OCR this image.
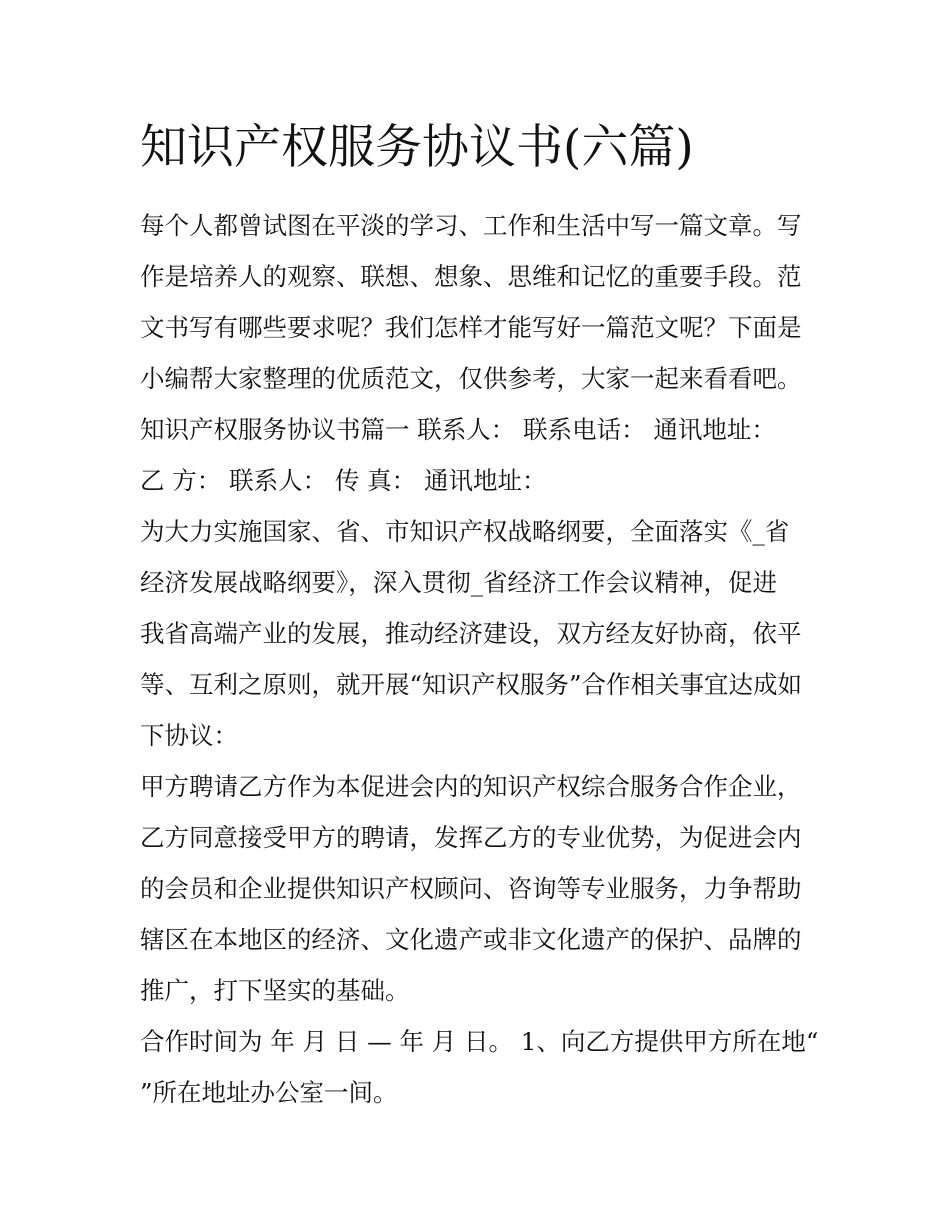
知识产权服务协议书(六篇)
每个人都曾试图在平淡的学习、工作和生活中写一篇文章。写
作是培养人的观察、联想、想象、思维和记忆的重要手段。范
文书写有哪些要求呢？我们怎样才能写好一篇范文呢？下面是
小编帮大家整理的优质范文，仅供参考，大家一起来看看吧。
知识产权服务协议书篇一 联系人： 联系电话： 通讯地址：
乙 方： 联系人： 传 真： 通讯地址：
为大力实施国家、省、市知识产权战略纲要，全面落实《_省
经济发展战略纲要》，深入贯彻_省经济工作会议精神，促进
我省高端产业的发展，推动经济建设，双方经友好协商，依平
等、互利之原则，就开展“知识产权服务”合作相关事宜达成如
下协议：
甲方聘请乙方作为本促进会内的知识产权综合服务合作企业，
乙方同意接受甲方的聘请，发挥乙方的专业优势，为促进会内
的会员和企业提供知识产权顾问、咨询等专业服务，力争帮助
辖区在本地区的经济、文化遗产或非文化遗产的保护、品牌的
推广，打下坚实的基础。
合作时间为 年 月 日 — 年 月 日。 1、向乙方提供甲方所在地“
”所在地址办公室一间。
